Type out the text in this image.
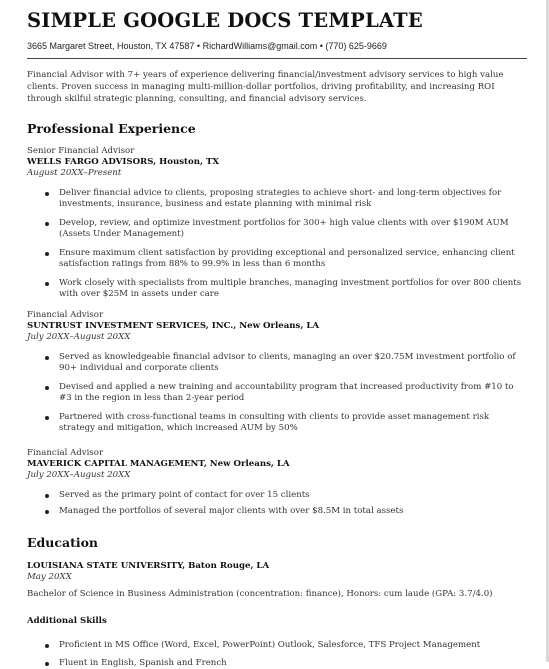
SIMPLE GOOGLE DOCS TEMPLATE
3665 Margaret Street, Houston, TX 47587 • RichardWilliams@gmail.com • (770) 625-9669
Financial Advisor with 7+ years of experience delivering financial/investment advisory services to high value clients. Proven success in managing multi-million-dollar portfolios, driving profitability, and increasing ROI through skilful strategic planning, consulting, and financial advisory services.
Professional Experience
Senior Financial Advisor
WELLS FARGO ADVISORS, Houston, TX
August 20XX–Present
Deliver financial advice to clients, proposing strategies to achieve short- and long-term objectives for investments, insurance, business and estate planning with minimal risk
Develop, review, and optimize investment portfolios for 300+ high value clients with over $190M AUM (Assets Under Management)
Ensure maximum client satisfaction by providing exceptional and personalized service, enhancing client satisfaction ratings from 88% to 99.9% in less than 6 months
Work closely with specialists from multiple branches, managing investment portfolios for over 800 clients with over $25M in assets under care
Financial Advisor
SUNTRUST INVESTMENT SERVICES, INC., New Orleans, LA
July 20XX–August 20XX
Served as knowledgeable financial advisor to clients, managing an over $20.75M investment portfolio of 90+ individual and corporate clients
Devised and applied a new training and accountability program that increased productivity from #10 to #3 in the region in less than 2-year period
Partnered with cross-functional teams in consulting with clients to provide asset management risk strategy and mitigation, which increased AUM by 50%
Financial Advisor
MAVERICK CAPITAL MANAGEMENT, New Orleans, LA
July 20XX–August 20XX
Served as the primary point of contact for over 15 clients
Managed the portfolios of several major clients with over $8.5M in total assets
Education
LOUISIANA STATE UNIVERSITY, Baton Rouge, LA
May 20XX
Bachelor of Science in Business Administration (concentration: finance), Honors: cum laude (GPA: 3.7/4.0)
Additional Skills
Proficient in MS Office (Word, Excel, PowerPoint) Outlook, Salesforce, TFS Project Management
Fluent in English, Spanish and French
